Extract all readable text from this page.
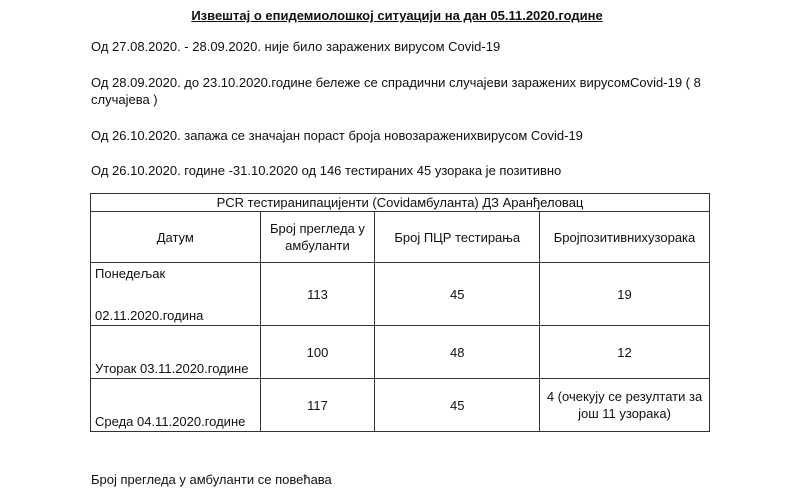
Извештај о епидемиолошкој ситуацији на дан 05.11.2020.године
Од 27.08.2020. - 28.09.2020. није било заражених вирусом Covid-19
Од 28.09.2020. до 23.10.2020.године бележе се спрадични случајеви заражених вирусомCovid-19 ( 8 случајева )
Од 26.10.2020. запажа се значајан пораст броја новозараженихвирусом Covid-19
Од 26.10.2020. године -31.10.2020 од 146 тестираних 45 узорака је позитивно
PCR тестиранипацијенти (Covidамбуланта) ДЗ Аранђеловац			
Датум	Број прегледа у амбуланти	Број ПЦР тестирања	Бројпозитивнихузорака

Понедељак
02.11.2020.година	113	45	19

Уторак 03.11.2020.године	100	48	12

Среда 04.11.2020.године	117	45	4 (очекују се резултати за још 11 узорака)
Број прегледа у амбуланти се повећава
